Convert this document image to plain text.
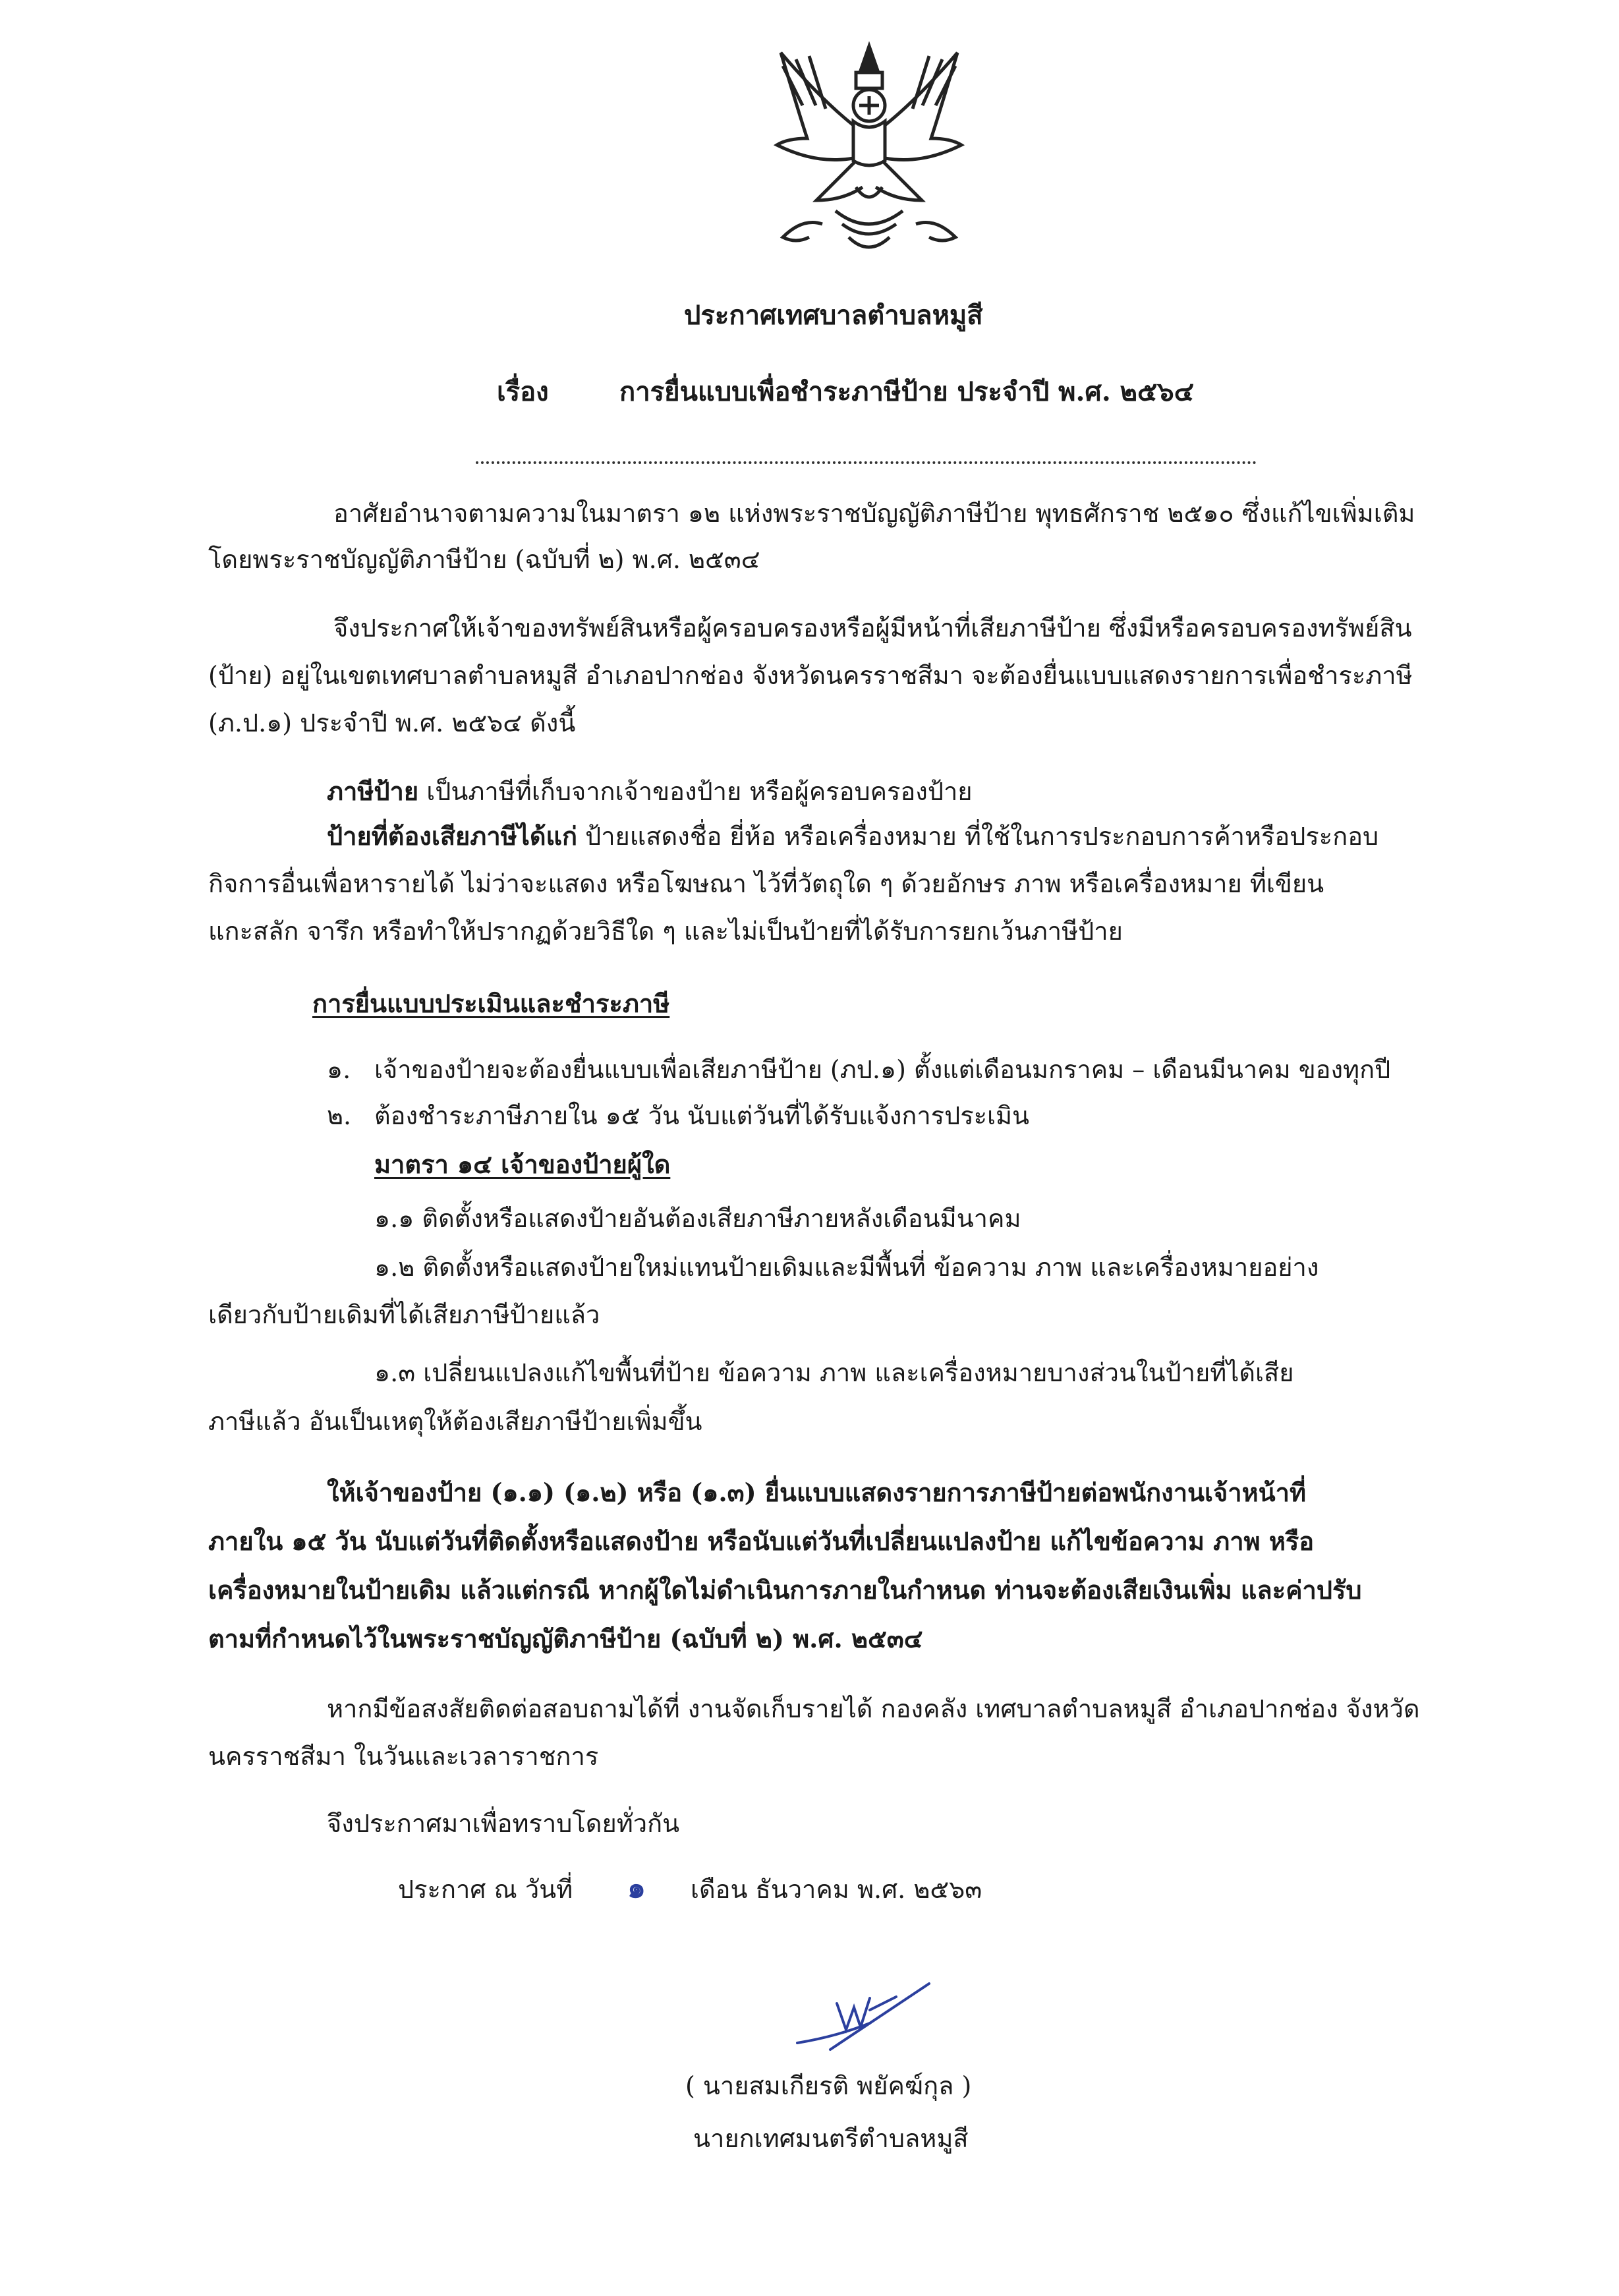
ประกาศเทศบาลตำบลหมูสี
เรื่อง	การยื่นแบบเพื่อชำระภาษีป้าย ประจำปี พ.ศ. ๒๕๖๔
อาศัยอำนาจตามความในมาตรา ๑๒ แห่งพระราชบัญญัติภาษีป้าย พุทธศักราช ๒๕๑๐ ซึ่งแก้ไขเพิ่มเติม
โดยพระราชบัญญัติภาษีป้าย (ฉบับที่ ๒) พ.ศ. ๒๕๓๔
จึงประกาศให้เจ้าของทรัพย์สินหรือผู้ครอบครองหรือผู้มีหน้าที่เสียภาษีป้าย ซึ่งมีหรือครอบครองทรัพย์สิน
(ป้าย) อยู่ในเขตเทศบาลตำบลหมูสี อำเภอปากช่อง จังหวัดนครราชสีมา จะต้องยื่นแบบแสดงรายการเพื่อชำระภาษี
(ภ.ป.๑) ประจำปี พ.ศ. ๒๕๖๔ ดังนี้
ภาษีป้าย เป็นภาษีที่เก็บจากเจ้าของป้าย หรือผู้ครอบครองป้าย
ป้ายที่ต้องเสียภาษีได้แก่ ป้ายแสดงชื่อ ยี่ห้อ หรือเครื่องหมาย ที่ใช้ในการประกอบการค้าหรือประกอบ
กิจการอื่นเพื่อหารายได้ ไม่ว่าจะแสดง หรือโฆษณา ไว้ที่วัตถุใด ๆ ด้วยอักษร ภาพ หรือเครื่องหมาย ที่เขียน
แกะสลัก จารึก หรือทำให้ปรากฏด้วยวิธีใด ๆ และไม่เป็นป้ายที่ได้รับการยกเว้นภาษีป้าย
การยื่นแบบประเมินและชำระภาษี
๑. เจ้าของป้ายจะต้องยื่นแบบเพื่อเสียภาษีป้าย (ภป.๑) ตั้งแต่เดือนมกราคม – เดือนมีนาคม ของทุกปี
๒. ต้องชำระภาษีภายใน ๑๕ วัน นับแต่วันที่ได้รับแจ้งการประเมิน
มาตรา ๑๔ เจ้าของป้ายผู้ใด
๑.๑ ติดตั้งหรือแสดงป้ายอันต้องเสียภาษีภายหลังเดือนมีนาคม
๑.๒ ติดตั้งหรือแสดงป้ายใหม่แทนป้ายเดิมและมีพื้นที่ ข้อความ ภาพ และเครื่องหมายอย่าง
เดียวกับป้ายเดิมที่ได้เสียภาษีป้ายแล้ว
๑.๓ เปลี่ยนแปลงแก้ไขพื้นที่ป้าย ข้อความ ภาพ และเครื่องหมายบางส่วนในป้ายที่ได้เสีย
ภาษีแล้ว อันเป็นเหตุให้ต้องเสียภาษีป้ายเพิ่มขึ้น
ให้เจ้าของป้าย (๑.๑) (๑.๒) หรือ (๑.๓) ยื่นแบบแสดงรายการภาษีป้ายต่อพนักงานเจ้าหน้าที่
ภายใน ๑๕ วัน นับแต่วันที่ติดตั้งหรือแสดงป้าย หรือนับแต่วันที่เปลี่ยนแปลงป้าย แก้ไขข้อความ ภาพ หรือ
เครื่องหมายในป้ายเดิม แล้วแต่กรณี หากผู้ใดไม่ดำเนินการภายในกำหนด ท่านจะต้องเสียเงินเพิ่ม และค่าปรับ
ตามที่กำหนดไว้ในพระราชบัญญัติภาษีป้าย (ฉบับที่ ๒) พ.ศ. ๒๕๓๔
หากมีข้อสงสัยติดต่อสอบถามได้ที่ งานจัดเก็บรายได้ กองคลัง เทศบาลตำบลหมูสี อำเภอปากช่อง จังหวัด
นครราชสีมา ในวันและเวลาราชการ
จึงประกาศมาเพื่อทราบโดยทั่วกัน
ประกาศ ณ วันที่ ๑ เดือน ธันวาคม พ.ศ. ๒๕๖๓
( นายสมเกียรติ พยัคฆ์กุล )
นายกเทศมนตรีตำบลหมูสี
